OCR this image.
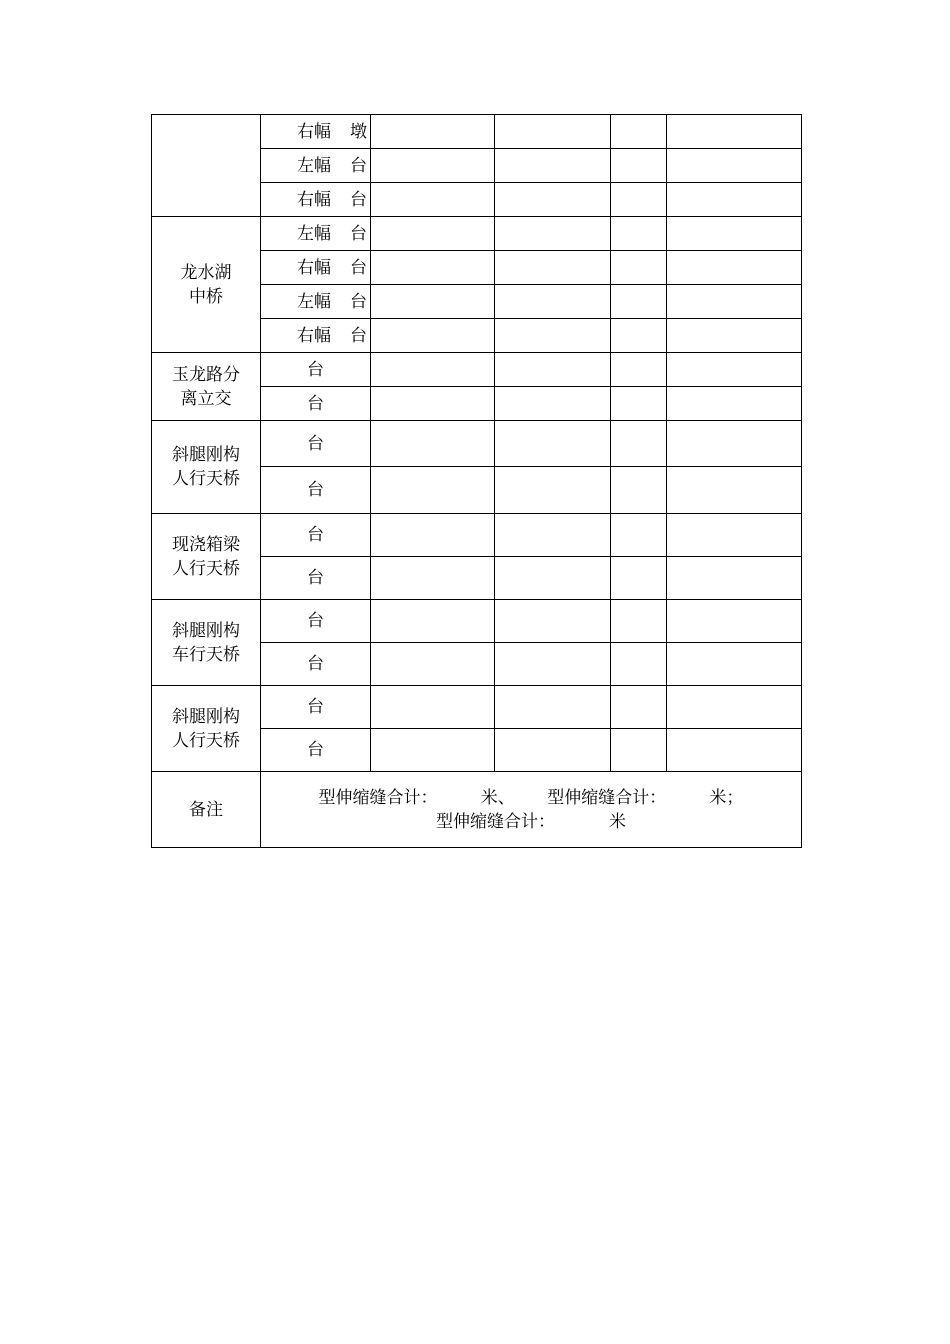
	右幅 墩				
	左幅 台				
	右幅 台				

龙水湖
中桥	左幅 台				
	右幅 台				
	左幅 台				
	右幅 台				

玉龙路分
离立交	台				
	台				

斜腿刚构
人行天桥	台				
	台				

现浇箱梁
人行天桥	台				
	台				

斜腿刚构
车行天桥	台				
	台				

斜腿刚构
人行天桥	台				
	台				
备注	型伸缩缝合计：        米、      型伸缩缝合计：        米；
型伸缩缝合计：          米				
